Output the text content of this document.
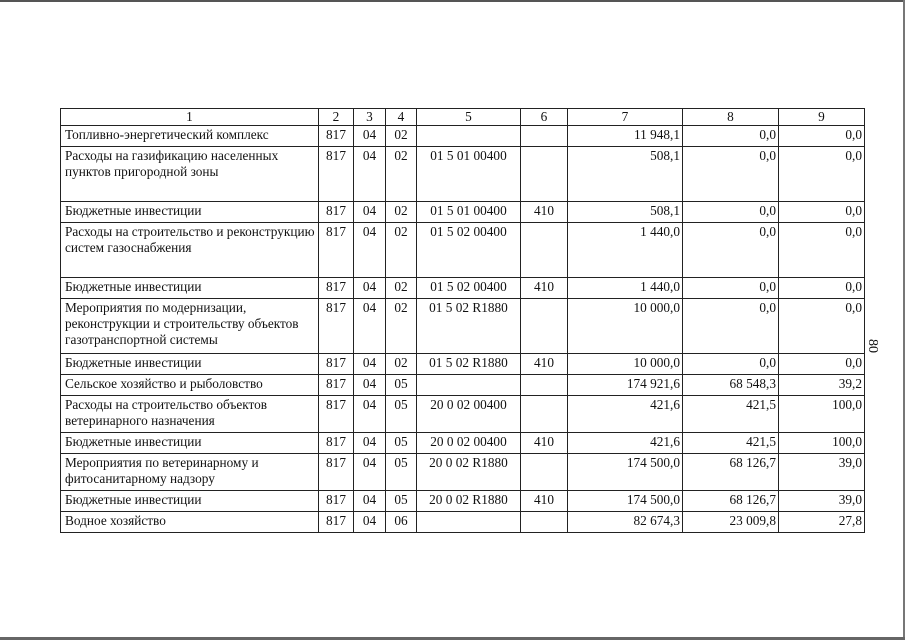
1	2	3	4	5	6	7	8	9
Топливно-энергетический комплекс	817	04	02			11 948,1	0,0	0,0
Расходы на газификацию населенных пунктов пригородной зоны	817	04	02	01 5 01 00400		508,1	0,0	0,0
Бюджетные инвестиции	817	04	02	01 5 01 00400	410	508,1	0,0	0,0
Расходы на строительство и реконструкцию систем газоснабжения	817	04	02	01 5 02 00400		1 440,0	0,0	0,0
Бюджетные инвестиции	817	04	02	01 5 02 00400	410	1 440,0	0,0	0,0
Мероприятия по модернизации, реконструкции и строительству объектов газотранспортной системы	817	04	02	01 5 02 R1880		10 000,0	0,0	0,0
Бюджетные инвестиции	817	04	02	01 5 02 R1880	410	10 000,0	0,0	0,0
Сельское хозяйство и рыболовство	817	04	05			174 921,6	68 548,3	39,2
Расходы на строительство объектов ветеринарного назначения	817	04	05	20 0 02 00400		421,6	421,5	100,0
Бюджетные инвестиции	817	04	05	20 0 02 00400	410	421,6	421,5	100,0
Мероприятия по ветеринарному и фитосанитарному надзору	817	04	05	20 0 02 R1880		174 500,0	68 126,7	39,0
Бюджетные инвестиции	817	04	05	20 0 02 R1880	410	174 500,0	68 126,7	39,0
Водное хозяйство	817	04	06			82 674,3	23 009,8	27,8
80
